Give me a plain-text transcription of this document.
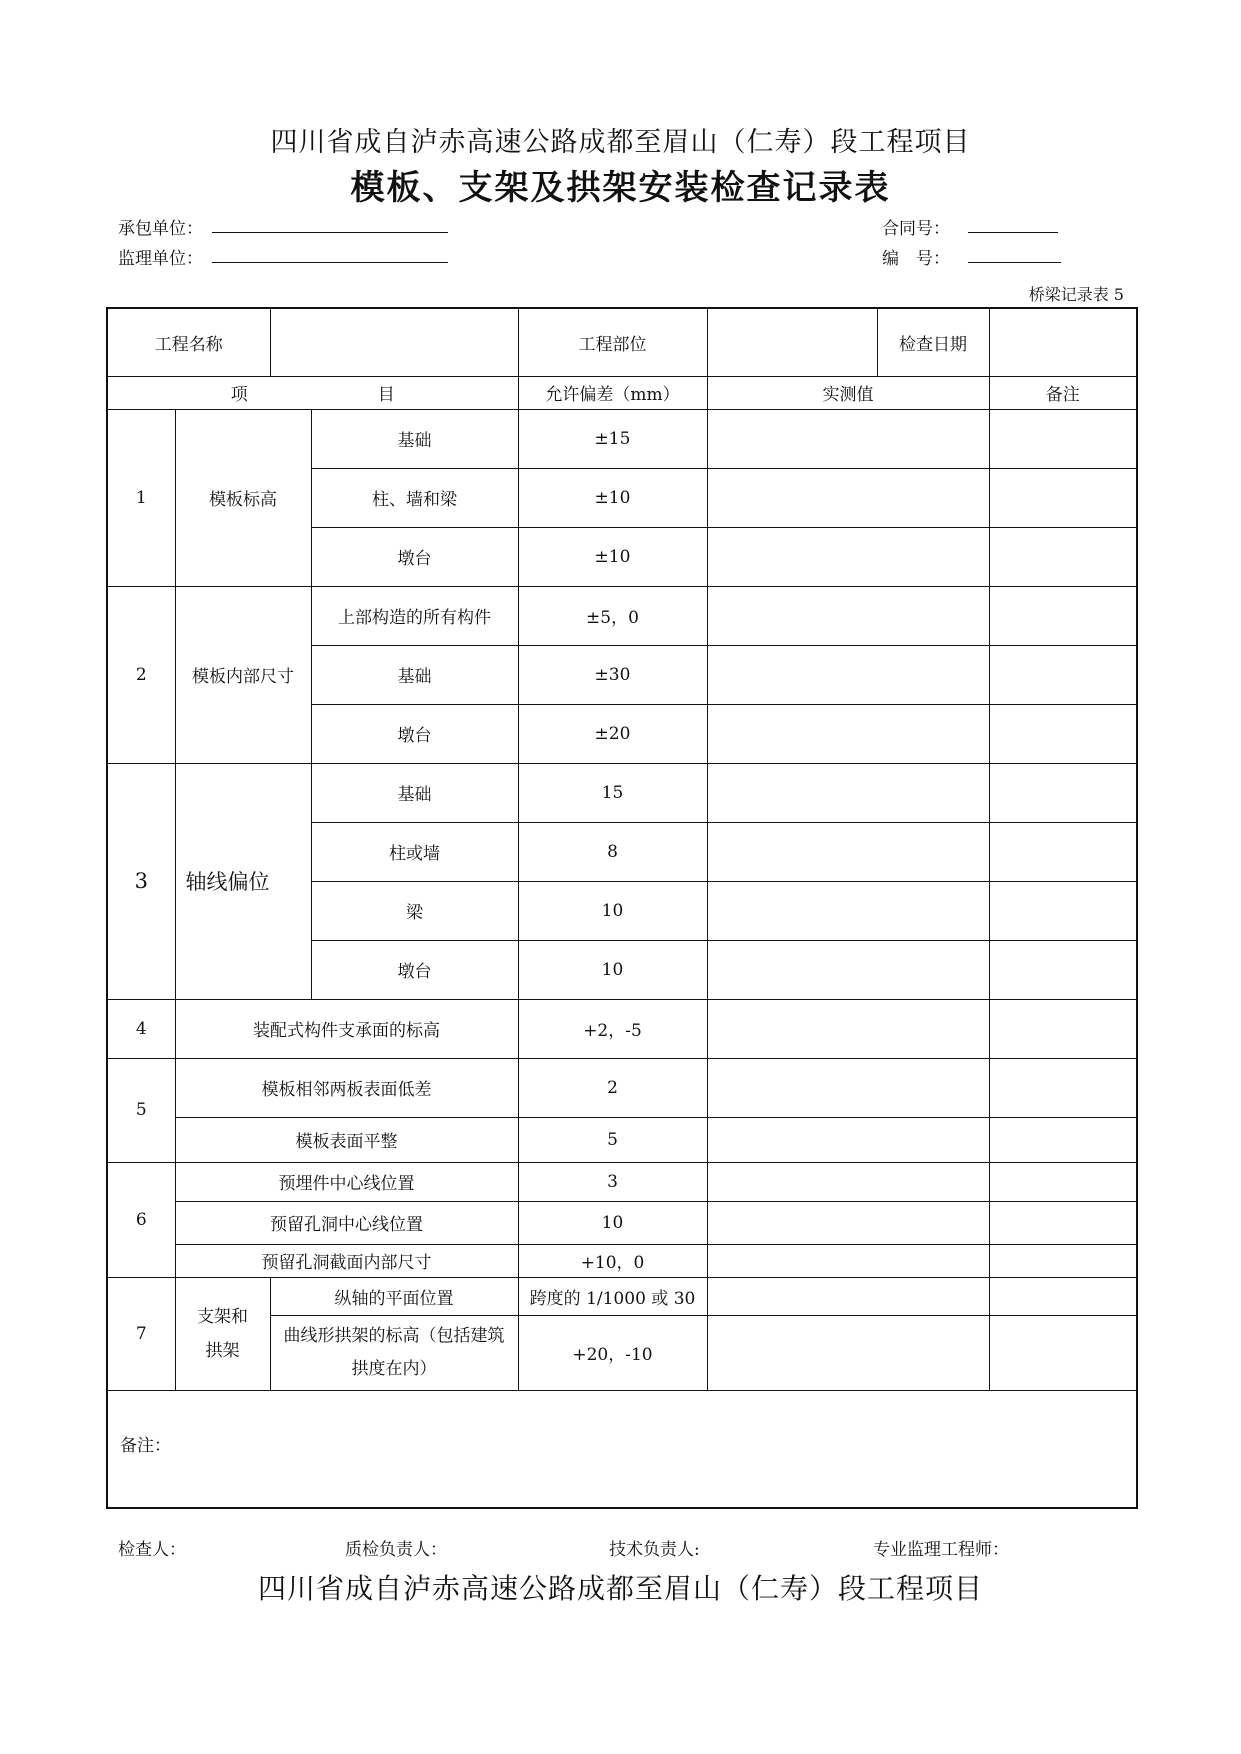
四川省成自泸赤高速公路成都至眉山（仁寿）段工程项目
模板、支架及拱架安装检查记录表
承包单位：
监理单位：
合同号：
编　号：
桥梁记录表 5
工程名称				工程部位		检查日期	
项 目				允许偏差（mm）	实测值		备注
1	模板标高		基础	±15			
			柱、墙和梁	±10			
			墩台	±10			
2	模板内部尺寸		上部构造的所有构件	±5，0			
			基础	±30			
			墩台	±20			
3	轴线偏位		基础	15			
			柱或墙	8			
			梁	10			
			墩台	10			
4	装配式构件支承面的标高			+2，-5			
5	模板相邻两板表面低差			2			
	模板表面平整			5			
6	预埋件中心线位置			3			
	预留孔洞中心线位置			10			
	预留孔洞截面内部尺寸			+10，0			
7	支架和拱架	纵轴的平面位置		跨度的 1/1000 或 30			
		曲线形拱架的标高（包括建筑拱度在内）		+20，-10			
备注：							
检查人：	质检负责人：	技术负责人:	专业监理工程师：
四川省成自泸赤高速公路成都至眉山（仁寿）段工程项目
